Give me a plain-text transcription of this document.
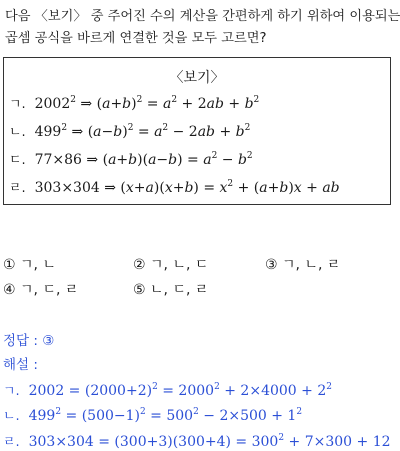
다음 〈보기〉 중 주어진 수의 계산을 간편하게 하기 위하여 이용되는
곱셈 공식을 바르게 연결한 것을 모두 고르면?
〈보기〉
ㄱ.  2002$^2$ ⇒ $(a+b)^2 = a^2 + 2ab + b^2$
ㄴ.  $499^2$ ⇒ $(a-b)^2 = a^2 - 2ab + b^2$
ㄷ.  77×86 ⇒ $(a+b)(a-b) = a^2 - b^2$
ㄹ.  303×304 ⇒ $(x+a)(x+b) = x^2 + (a+b)x$ + ab
① ㄱ, ㄴ	② ㄱ, ㄴ, ㄷ	③ ㄱ, ㄴ, ㄹ
④ ㄱ, ㄷ, ㄹ	⑤ ㄴ, ㄷ, ㄹ
정답 : ③
해설 :
ㄱ.  $2002 = (2000+2)^2 = 2000^2 + 2\times 4000 + 2^2$
ㄴ.  $499^2 = (500-1)^2 = 500^2 - 2\times 500 + 1^2$
ㄹ.  $303\times 304 = (300+3)(300+4) = 300^2 + 7\times 300 + 12$
